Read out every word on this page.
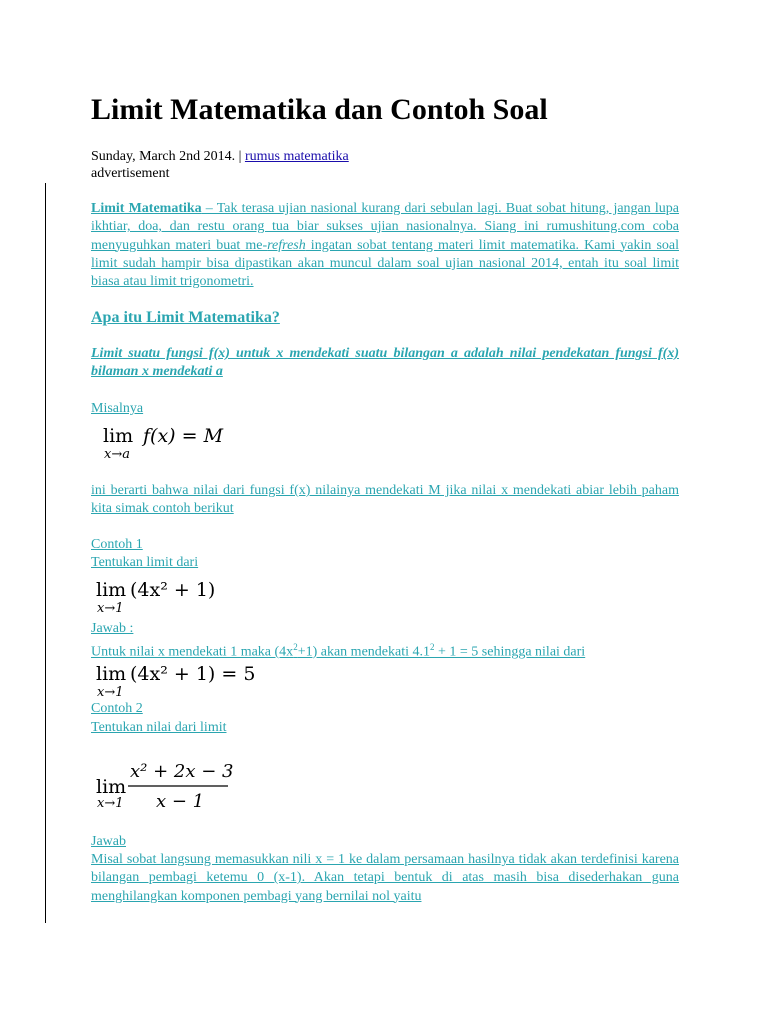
Limit Matematika dan Contoh Soal
Sunday, March 2nd 2014. | rumus matematika
advertisement
Limit Matematika – Tak terasa ujian nasional kurang dari sebulan lagi. Buat sobat hitung, jangan lupa ikhtiar, doa, dan restu orang tua biar sukses ujian nasionalnya. Siang ini rumushitung.com coba menyuguhkan materi buat me-refresh ingatan sobat tentang materi limit matematika. Kami yakin soal limit sudah hampir bisa dipastikan akan muncul dalam soal ujian nasional 2014, entah itu soal limit biasa atau limit trigonometri.
Apa itu Limit Matematika?
Limit suatu fungsi f(x) untuk x mendekati suatu bilangan a adalah nilai pendekatan fungsi f(x) bilaman x mendekati a
Misalnya
lim
x→a
f(x) = M
ini berarti bahwa nilai dari fungsi f(x) nilainya mendekati M jika nilai x mendekati abiar lebih paham kita simak contoh berikut
Contoh 1
Tentukan limit dari
lim
x→1
(4x² + 1)
Jawab :
Untuk nilai x mendekati 1 maka $(4x^2+1)$ akan mendekati $4.1^2 + 1 = 5$ sehingga nilai dari
lim
x→1
(4x² + 1) = 5
Contoh 2
Tentukan nilai dari limit
lim
x→1
x² + 2x − 3
x − 1
Jawab
Misal sobat langsung memasukkan nili x = 1 ke dalam persamaan hasilnya tidak akan terdefinisi karena bilangan pembagi ketemu 0 (x-1). Akan tetapi bentuk di atas masih bisa disederhakan guna menghilangkan komponen pembagi yang bernilai nol yaitu
